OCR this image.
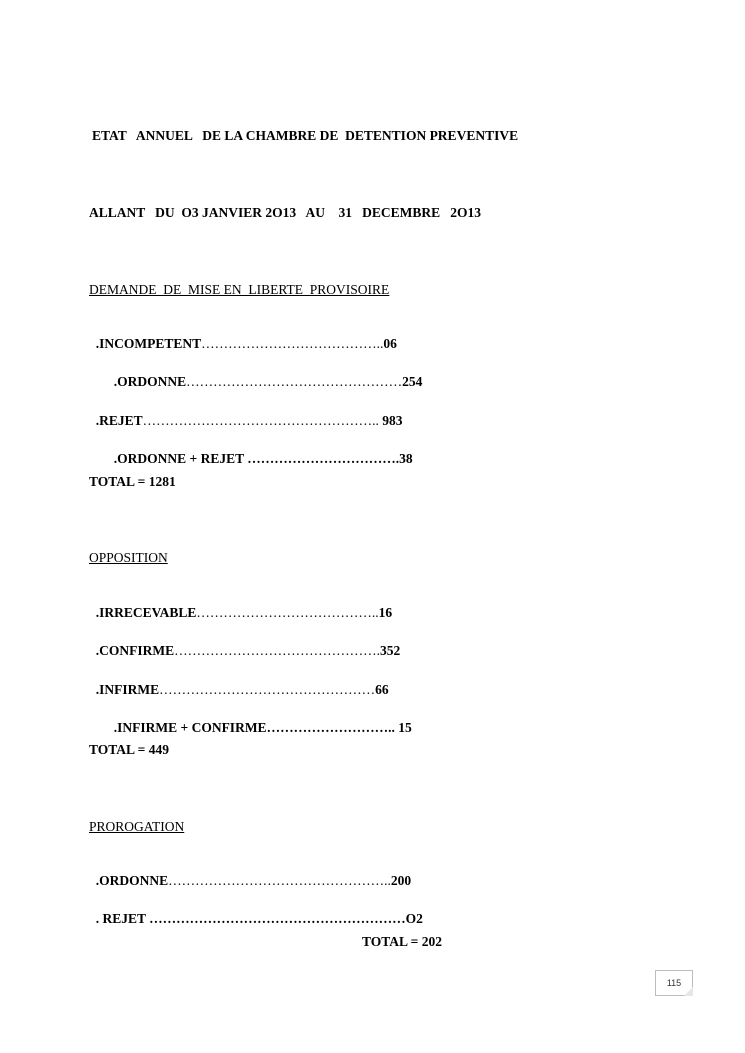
ETAT   ANNUEL   DE LA CHAMBRE DE  DETENTION PREVENTIVE
ALLANT   DU  O3 JANVIER 2O13   AU    31   DECEMBRE   2O13
DEMANDE  DE  MISE EN  LIBERTE  PROVISOIRE

.INCOMPETENT…………………………………..06

.ORDONNE…………………………………………254

.REJET…………………………………………….. 983

.ORDONNE + REJET …………………………….38

TOTAL = 1281
OPPOSITION

.IRRECEVABLE…………………………………..16

.CONFIRME……………………………………….352

.INFIRME…………………………………………66

.INFIRME + CONFIRME……………………….. 15

TOTAL = 449
PROROGATION

.ORDONNE…………………………………………..200

. REJET …………………………………………………O2

TOTAL = 202
115
